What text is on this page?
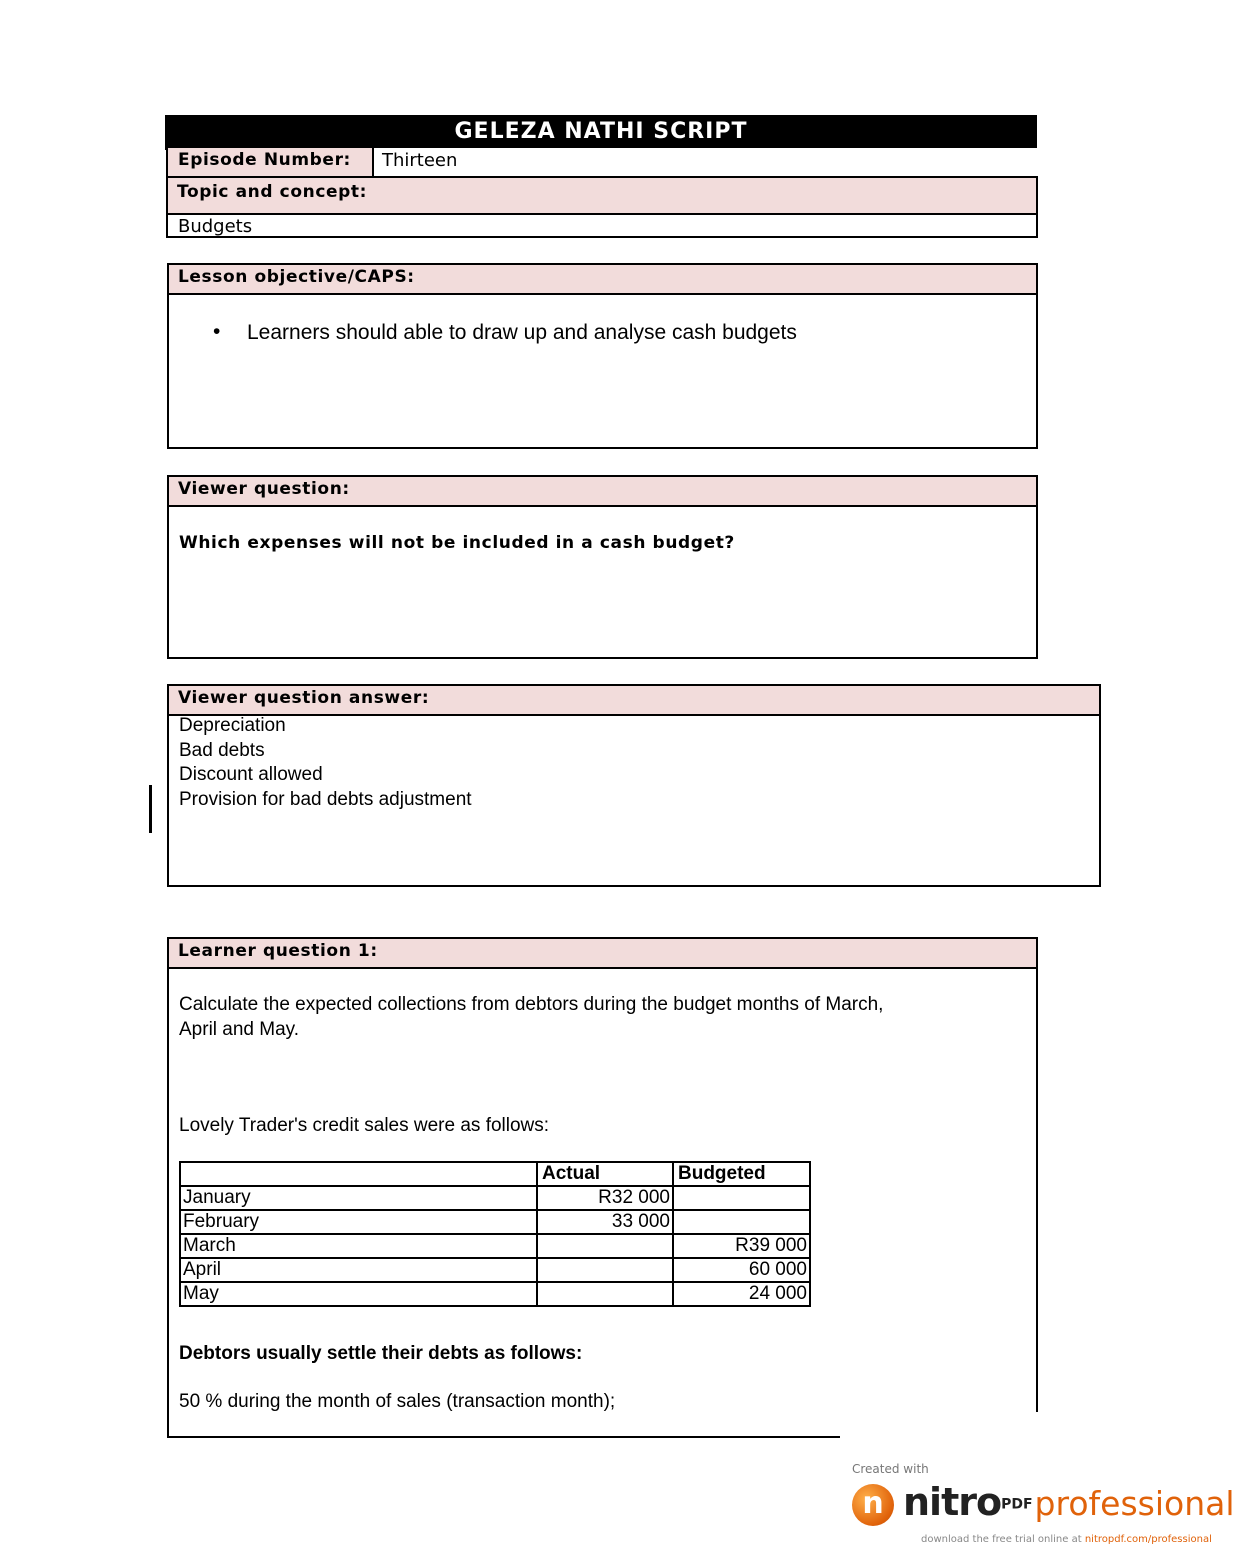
GELEZA NATHI SCRIPT
Episode Number: Thirteen
Topic and concept:
Budgets
Lesson objective/CAPS:
• Learners should able to draw up and analyse cash budgets
Viewer question:
Which expenses will not be included in a cash budget?
Viewer question answer:
Depreciation
Bad debts
Discount allowed
Provision for bad debts adjustment
Learner question 1:
Calculate the expected collections from debtors during the budget months of March,
April and May.
Lovely Trader's credit sales were as follows:
	Actual	Budgeted
January	R32 000	
February	33 000	
March		R39 000
April		60 000
May		24 000
Debtors usually settle their debts as follows:
50 % during the month of sales (transaction month);
Created with
n nitro$^{PDF}$professional
download the free trial online at nitropdf.com/professional
